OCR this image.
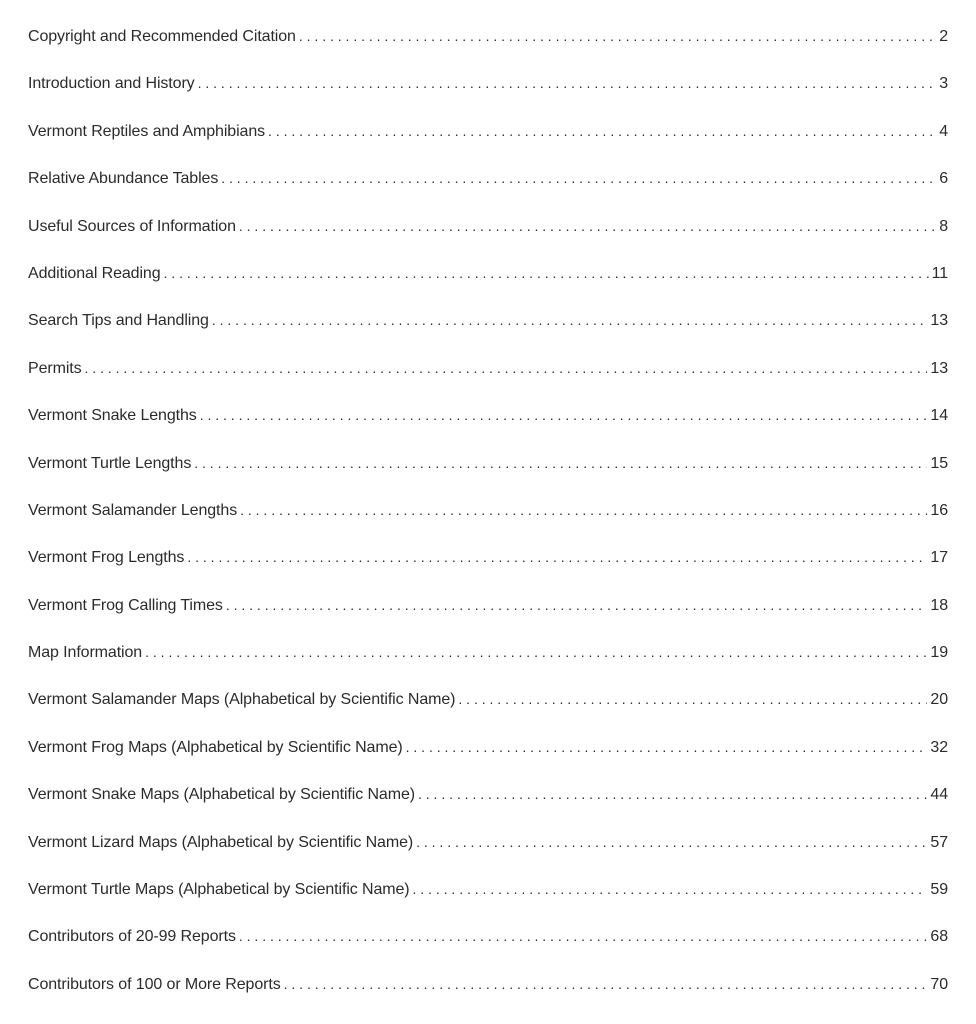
Copyright and Recommended Citation . . .	2
Introduction and History . . .	3
Vermont Reptiles and Amphibians . . .	4
Relative Abundance Tables . . .	6
Useful Sources of Information . . .	8
Additional Reading . . .	11
Search Tips and Handling . . .	13
Permits . . .	13
Vermont Snake Lengths . . .	14
Vermont Turtle Lengths . . .	15
Vermont Salamander Lengths . . .	16
Vermont Frog Lengths . . .	17
Vermont Frog Calling Times . . .	18
Map Information . . .	19
Vermont Salamander Maps (Alphabetical by Scientific Name) . . .	20
Vermont Frog Maps (Alphabetical by Scientific Name) . . .	32
Vermont Snake Maps (Alphabetical by Scientific Name) . . .	44
Vermont Lizard Maps (Alphabetical by Scientific Name) . . .	57
Vermont Turtle Maps (Alphabetical by Scientific Name) . . .	59
Contributors of 20-99 Reports . . .	68
Contributors of 100 or More Reports . . .	70
